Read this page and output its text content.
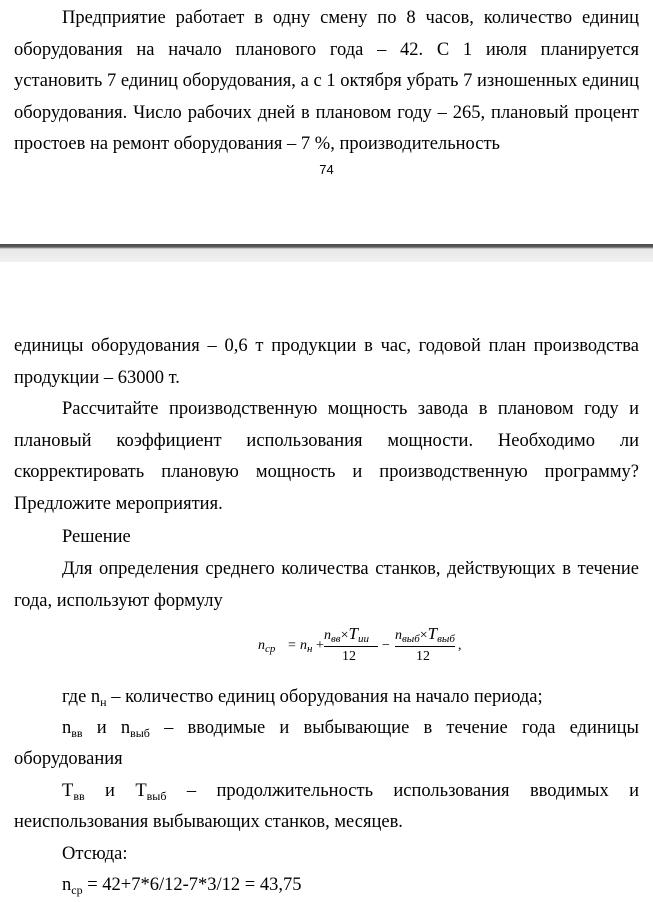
Предприятие работает в одну смену по 8 часов, количество единиц оборудования на начало планового года – 42. С 1 июля планируется установить 7 единиц оборудования, а с 1 октября убрать 7 изношенных единиц оборудования. Число рабочих дней в плановом году – 265, плановый процент простоев на ремонт оборудования – 7 %, производительность

74

единицы оборудования – 0,6 т продукции в час, годовой план производства продукции – 63000 т.

Рассчитайте производственную мощность завода в плановом году и плановый коэффициент использования мощности. Необходимо ли скорректировать плановую мощность и производственную программу? Предложите мероприятия.

Решение

Для определения среднего количества станков, действующих в течение года, используют формулу

$n_{ср} = n_н$ +
$n_{вв}\times T_{ии}$
12
−
$n_{выб}\times T_{выб}$
12
,

где $n_н$ – количество единиц оборудования на начало периода;

$n_{вв}$ и $n_{выб}$ – вводимые и выбывающие в течение года единицы

оборудования

$Т_{вв}$ и $Т_{выб}$ – продолжительность использования вводимых и

неиспользования выбывающих станков, месяцев.

Отсюда:

$n_{ср} = 42+7*6/12-7*3/12 = 43,75$
